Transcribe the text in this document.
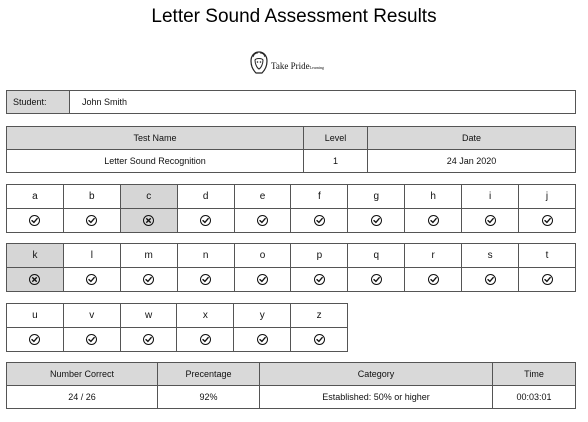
Letter Sound Assessment Results
Take PrideLearning
Student:	John Smith
Test Name	Level	Date
Letter Sound Recognition	1	24 Jan 2020
a	b	c	d	e	f	g	h	i	j

k	l	m	n	o	p	q	r	s	t

u	v	w	x	y	z

Number Correct	Precentage	Category	Time
24 / 26	92%	Established: 50% or higher	00:03:01
